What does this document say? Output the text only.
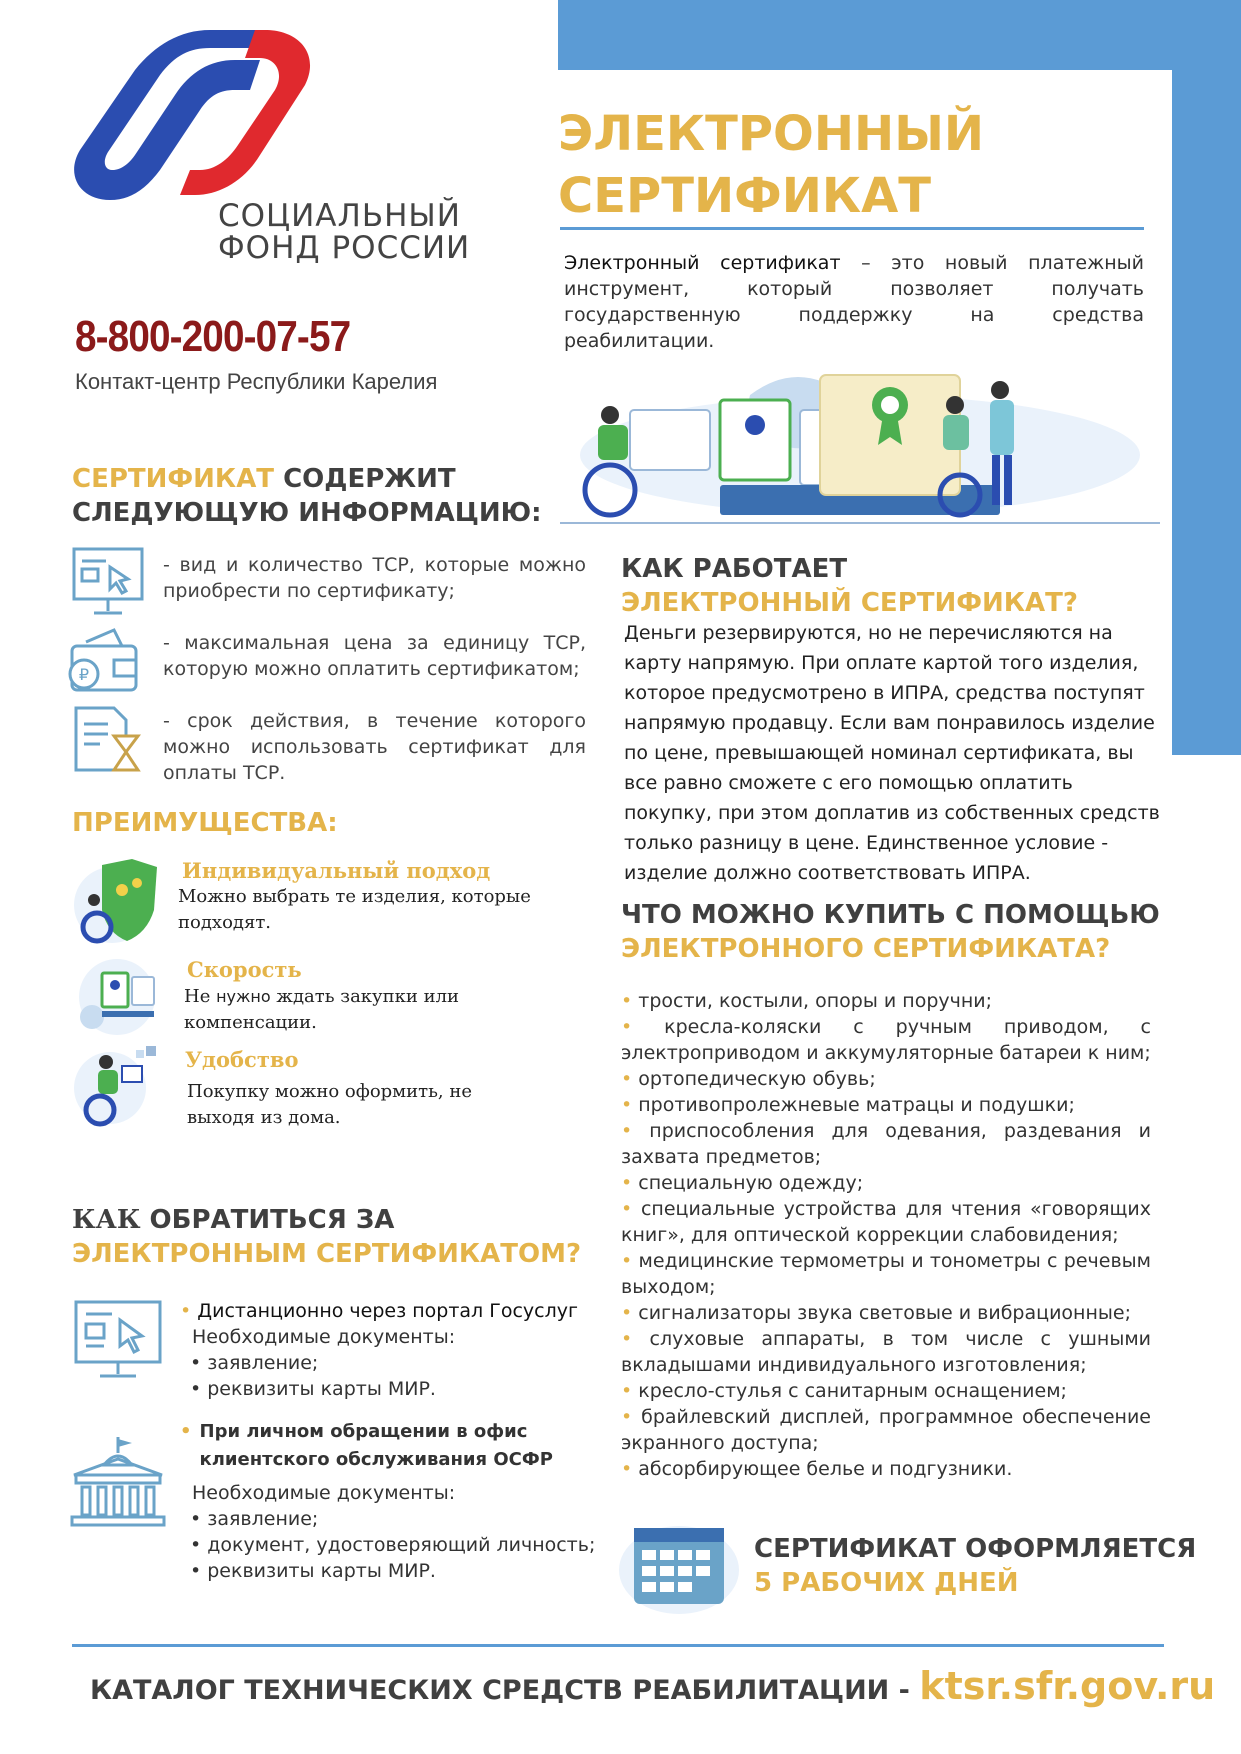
СОЦИАЛЬНЫЙ
ФОНД РОССИИ
8-800-200-07-57
Контакт-центр Республики Карелия
ЭЛЕКТРОННЫЙ
СЕРТИФИКАТ
Электронный сертификат – это новый платежный инструмент, который позволяет получать государственную поддержку на средства реабилитации.
СЕРТИФИКАТ СОДЕРЖИТ
СЛЕДУЮЩУЮ ИНФОРМАЦИЮ:
- вид и количество ТСР, которые можно приобрести по сертификату;
₽
- максимальная цена за единицу ТСР, которую можно оплатить сертификатом;
- срок действия, в течение которого можно использовать сертификат для оплаты ТСР.
ПРЕИМУЩЕСТВА:
Индивидуальный подход
Можно выбрать те изделия, которые подходят.
Скорость
Не нужно ждать закупки или компенсации.
Удобство
Покупку можно оформить, не выходя из дома.
КАК ОБРАТИТЬСЯ ЗА
ЭЛЕКТРОННЫМ СЕРТИФИКАТОМ?
• Дистанционно через портал Госуслуг
Необходимые документы:
• заявление;
• реквизиты карты МИР.
• При личном обращении в офис
клиентского обслуживания ОСФР
Необходимые документы:
• заявление;
• документ, удостоверяющий личность;
• реквизиты карты МИР.
КАК РАБОТАЕТ
ЭЛЕКТРОННЫЙ СЕРТИФИКАТ?
Деньги резервируются, но не перечисляются на карту напрямую. При оплате картой того изделия, которое предусмотрено в ИПРА, средства поступят напрямую продавцу. Если вам понравилось изделие по цене, превышающей номинал сертификата, вы все равно сможете с его помощью оплатить покупку, при этом доплатив из собственных средств только разницу в цене. Единственное условие - изделие должно соответствовать ИПРА.
ЧТО МОЖНО КУПИТЬ С ПОМОЩЬЮ
ЭЛЕКТРОННОГО СЕРТИФИКАТА?
• трости, костыли, опоры и поручни;
• кресла-коляски с ручным приводом, с электроприводом и аккумуляторные батареи к ним;
• ортопедическую обувь;
• противопролежневые матрацы и подушки;
• приспособления для одевания, раздевания и захвата предметов;
• специальную одежду;
• специальные устройства для чтения «говорящих книг», для оптической коррекции слабовидения;
• медицинские термометры и тонометры с речевым выходом;
• сигнализаторы звука световые и вибрационные;
• слуховые аппараты, в том числе с ушными вкладышами индивидуального изготовления;
• кресло-стулья с санитарным оснащением;
• брайлевский дисплей, программное обеспечение экранного доступа;
• абсорбирующее белье и подгузники.
СЕРТИФИКАТ ОФОРМЛЯЕТСЯ
5 РАБОЧИХ ДНЕЙ
КАТАЛОГ ТЕХНИЧЕСКИХ СРЕДСТВ РЕАБИЛИТАЦИИ - ktsr.sfr.gov.ru
